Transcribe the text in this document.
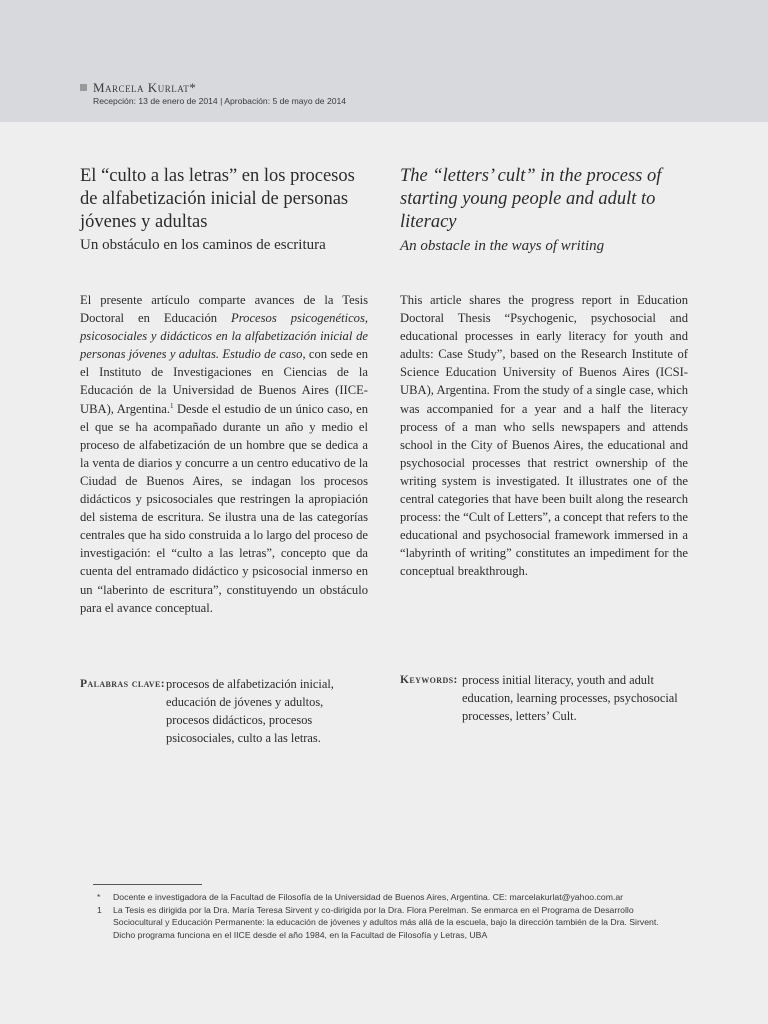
Marcela Kurlat*
Recepción: 13 de enero de 2014 | Aprobación: 5 de mayo de 2014
El “culto a las letras” en los procesos de alfabetización inicial de personas jóvenes y adultas
Un obstáculo en los caminos de escritura
El presente artículo comparte avances de la Tesis Doctoral en Educación Procesos psicogenéticos, psicosociales y didácticos en la alfabetización inicial de personas jóvenes y adultas. Estudio de caso, con sede en el Instituto de Investigaciones en Ciencias de la Educación de la Universidad de Buenos Aires (IICE-UBA), Argentina.$^1$ Desde el estudio de un único caso, en el que se ha acompañado durante un año y medio el proceso de alfabetización de un hombre que se dedica a la venta de diarios y concurre a un centro educativo de la Ciudad de Buenos Aires, se indagan los procesos didácticos y psicosociales que restringen la apropiación del sistema de escritura. Se ilustra una de las categorías centrales que ha sido construida a lo largo del proceso de investigación: el “culto a las letras”, concepto que da cuenta del entramado didáctico y psicosocial inmerso en un “laberinto de escritura”, constituyendo un obstáculo para el avance conceptual.
The “letters’ cult” in the process of starting young people and adult to literacy
An obstacle in the ways of writing
This article shares the progress report in Education Doctoral Thesis “Psychogenic, psychosocial and educational processes in early literacy for youth and adults: Case Study”, based on the Research Institute of Science Education University of Buenos Aires (ICSI-UBA), Argentina. From the study of a single case, which was accompanied for a year and a half the literacy process of a man who sells newspapers and attends school in the City of Buenos Aires, the educational and psychosocial processes that restrict ownership of the writing system is investigated. It illustrates one of the central categories that have been built along the research process: the “Cult of Letters”, a concept that refers to the educational and psychosocial framework immersed in a “labyrinth of writing” constitutes an impediment for the conceptual breakthrough.
Palabras clave: procesos de alfabetización inicial, educación de jóvenes y adultos, procesos didácticos, procesos psicosociales, culto a las letras.
Keywords: process initial literacy, youth and adult education, learning processes, psychosocial processes, letters’ Cult.
* Docente e investigadora de la Facultad de Filosofía de la Universidad de Buenos Aires, Argentina. CE: marcelakurlat@yahoo.com.ar
1 La Tesis es dirigida por la Dra. María Teresa Sirvent y co-dirigida por la Dra. Flora Perelman. Se enmarca en el Programa de Desarrollo Sociocultural y Educación Permanente: la educación de jóvenes y adultos más allá de la escuela, bajo la dirección también de la Dra. Sirvent. Dicho programa funciona en el IICE desde el año 1984, en la Facultad de Filosofía y Letras, UBA
